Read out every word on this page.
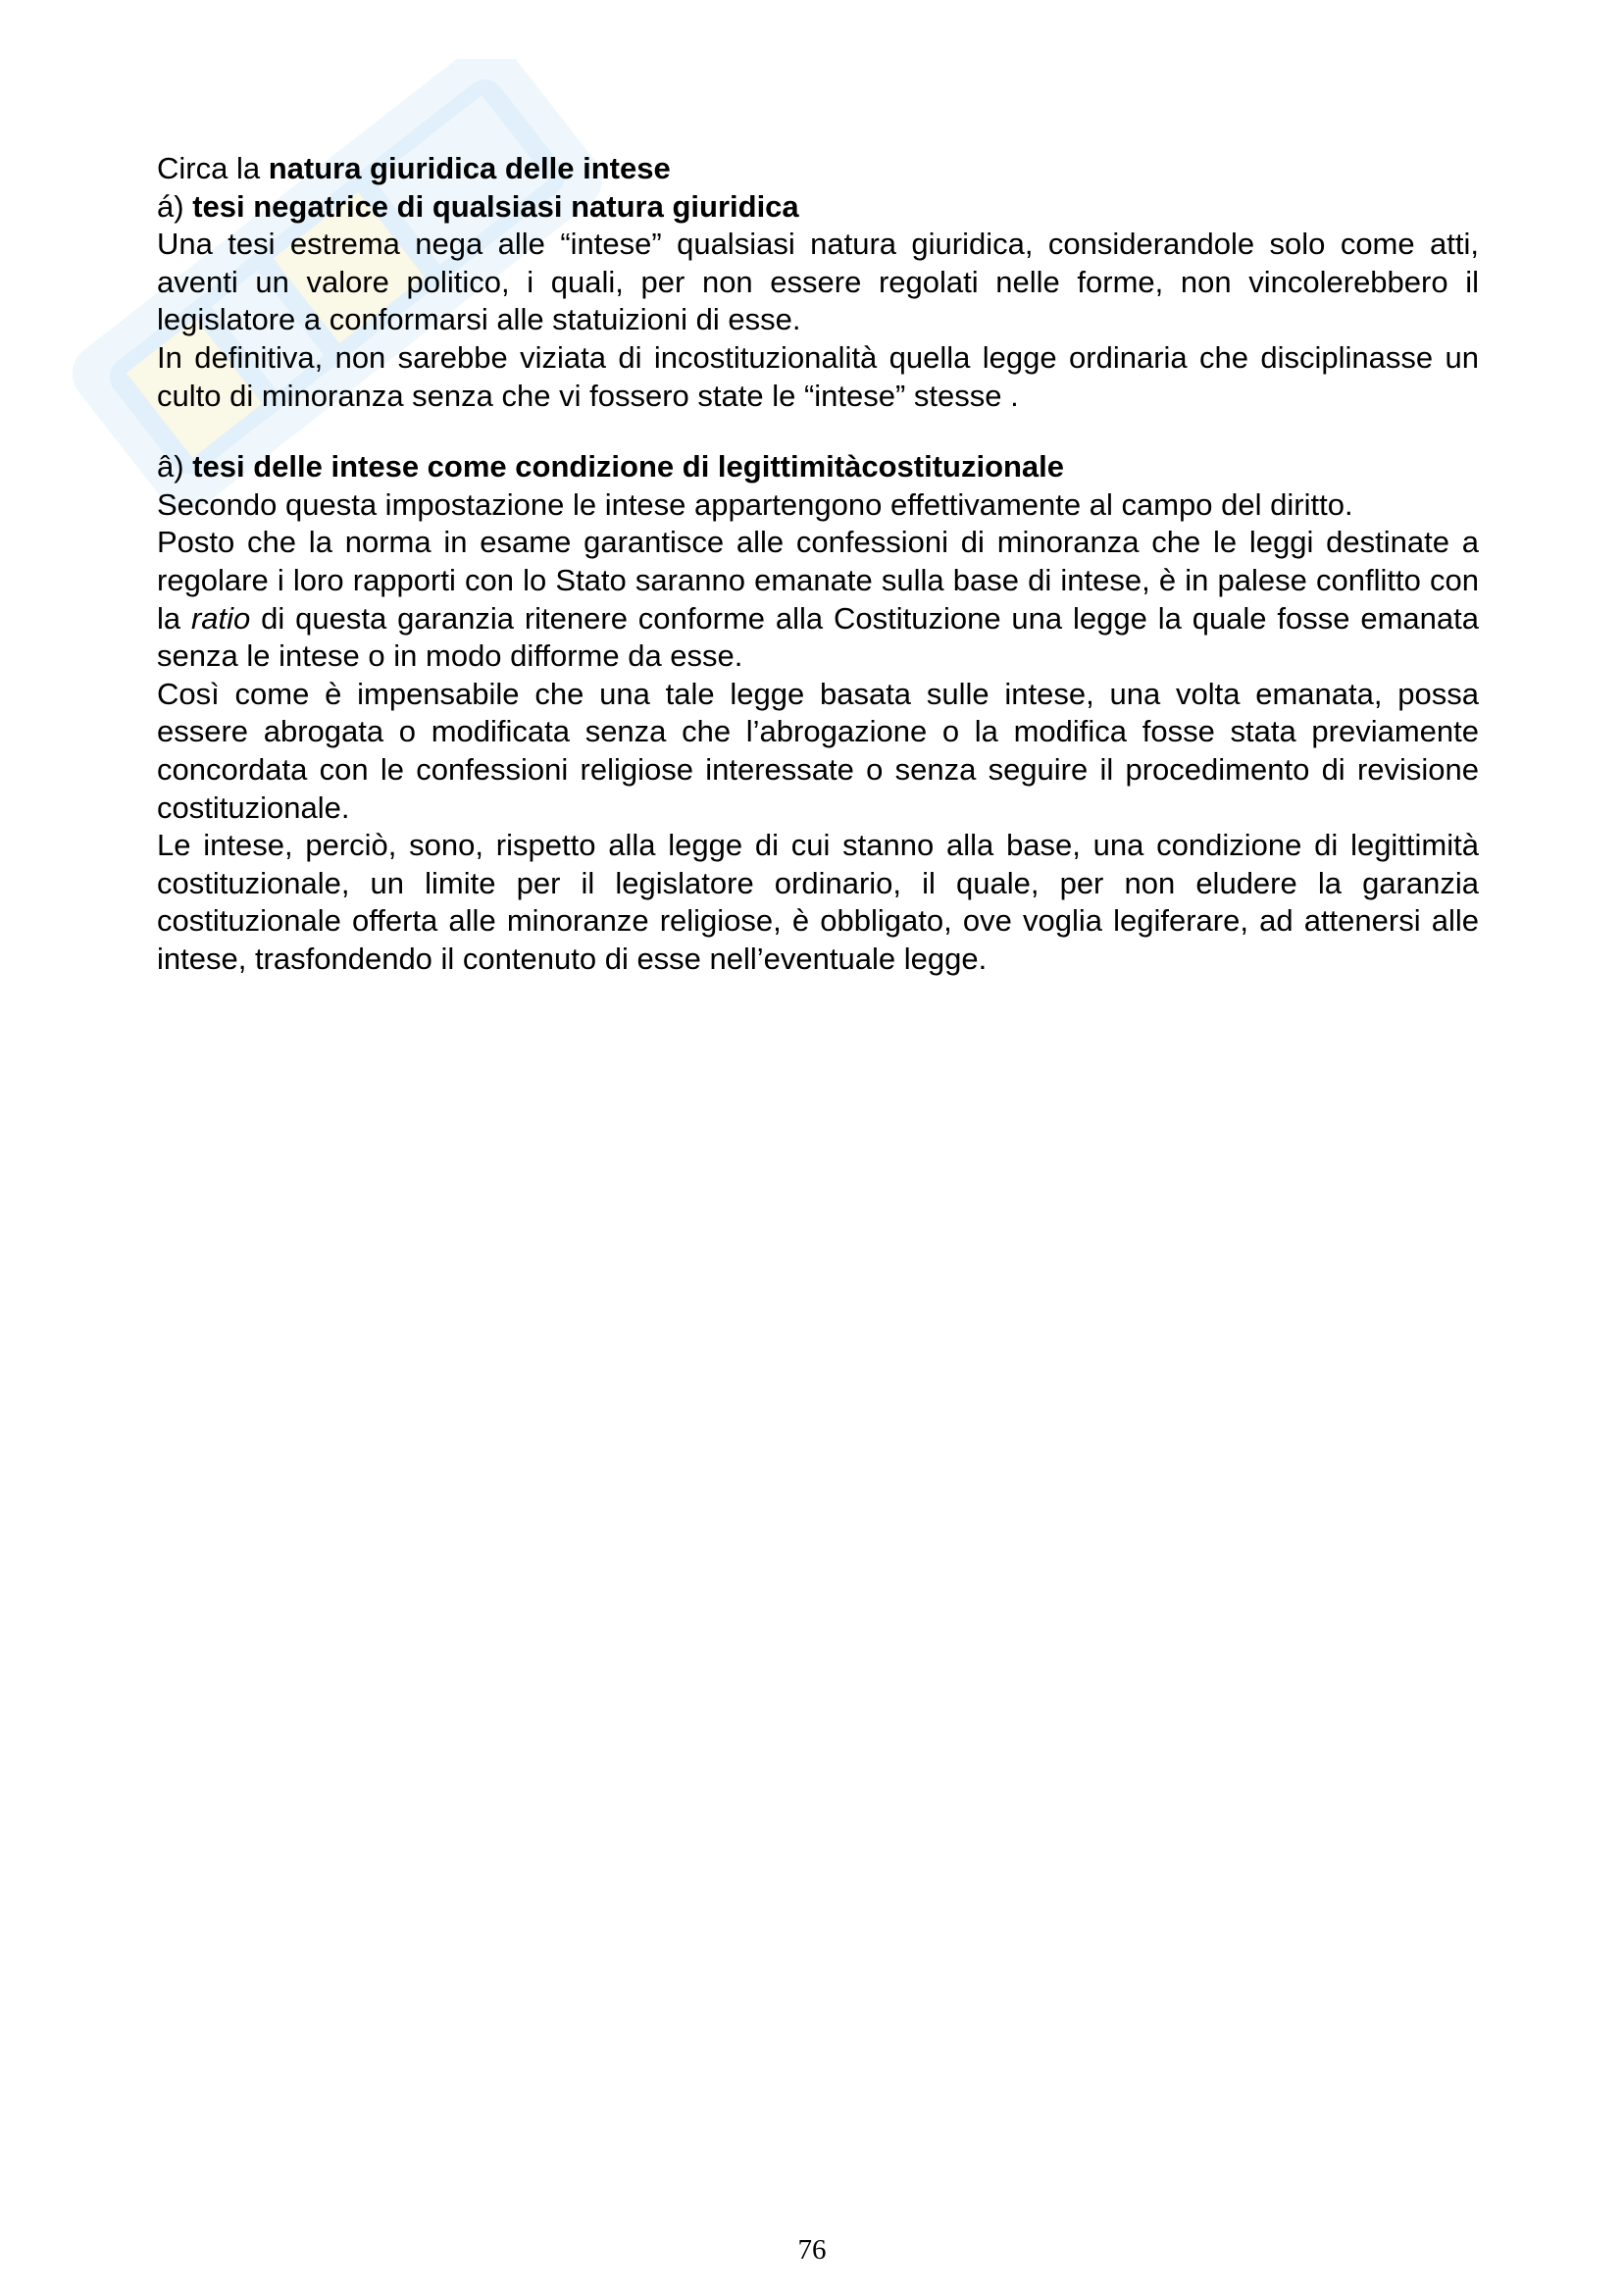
Circa la natura giuridica delle intese
á) tesi negatrice di qualsiasi natura giuridica

Una tesi estrema nega alle “intese” qualsiasi natura giuridica, considerandole solo come atti, aventi un valore politico, i quali, per non essere regolati nelle forme, non vincolerebbero il legislatore a conformarsi alle statuizioni di esse.

In definitiva, non sarebbe viziata di incostituzionalità quella legge ordinaria che disciplinasse un culto di minoranza senza che vi fossero state le “intese” stesse .

â) tesi delle intese come condizione di legittimitàcostituzionale

Secondo questa impostazione le intese appartengono effettivamente al campo del diritto.

Posto che la norma in esame garantisce alle confessioni di minoranza che le leggi destinate a regolare i loro rapporti con lo Stato saranno emanate sulla base di intese, è in palese conflitto con la ratio di questa garanzia ritenere conforme alla Costituzione una legge la quale fosse emanata senza le intese o in modo difforme da esse.

Così come è impensabile che una tale legge basata sulle intese, una volta emanata, possa essere abrogata o modificata senza che l’abrogazione o la modifica fosse stata previamente concordata con le confessioni religiose interessate o senza seguire il procedimento di revisione costituzionale.

Le intese, perciò, sono, rispetto alla legge di cui stanno alla base, una condizione di legittimità costituzionale, un limite per il legislatore ordinario, il quale, per non eludere la garanzia costituzionale offerta alle minoranze religiose, è obbligato, ove voglia legiferare, ad attenersi alle intese, trasfondendo il contenuto di esse nell’eventuale legge.

76
